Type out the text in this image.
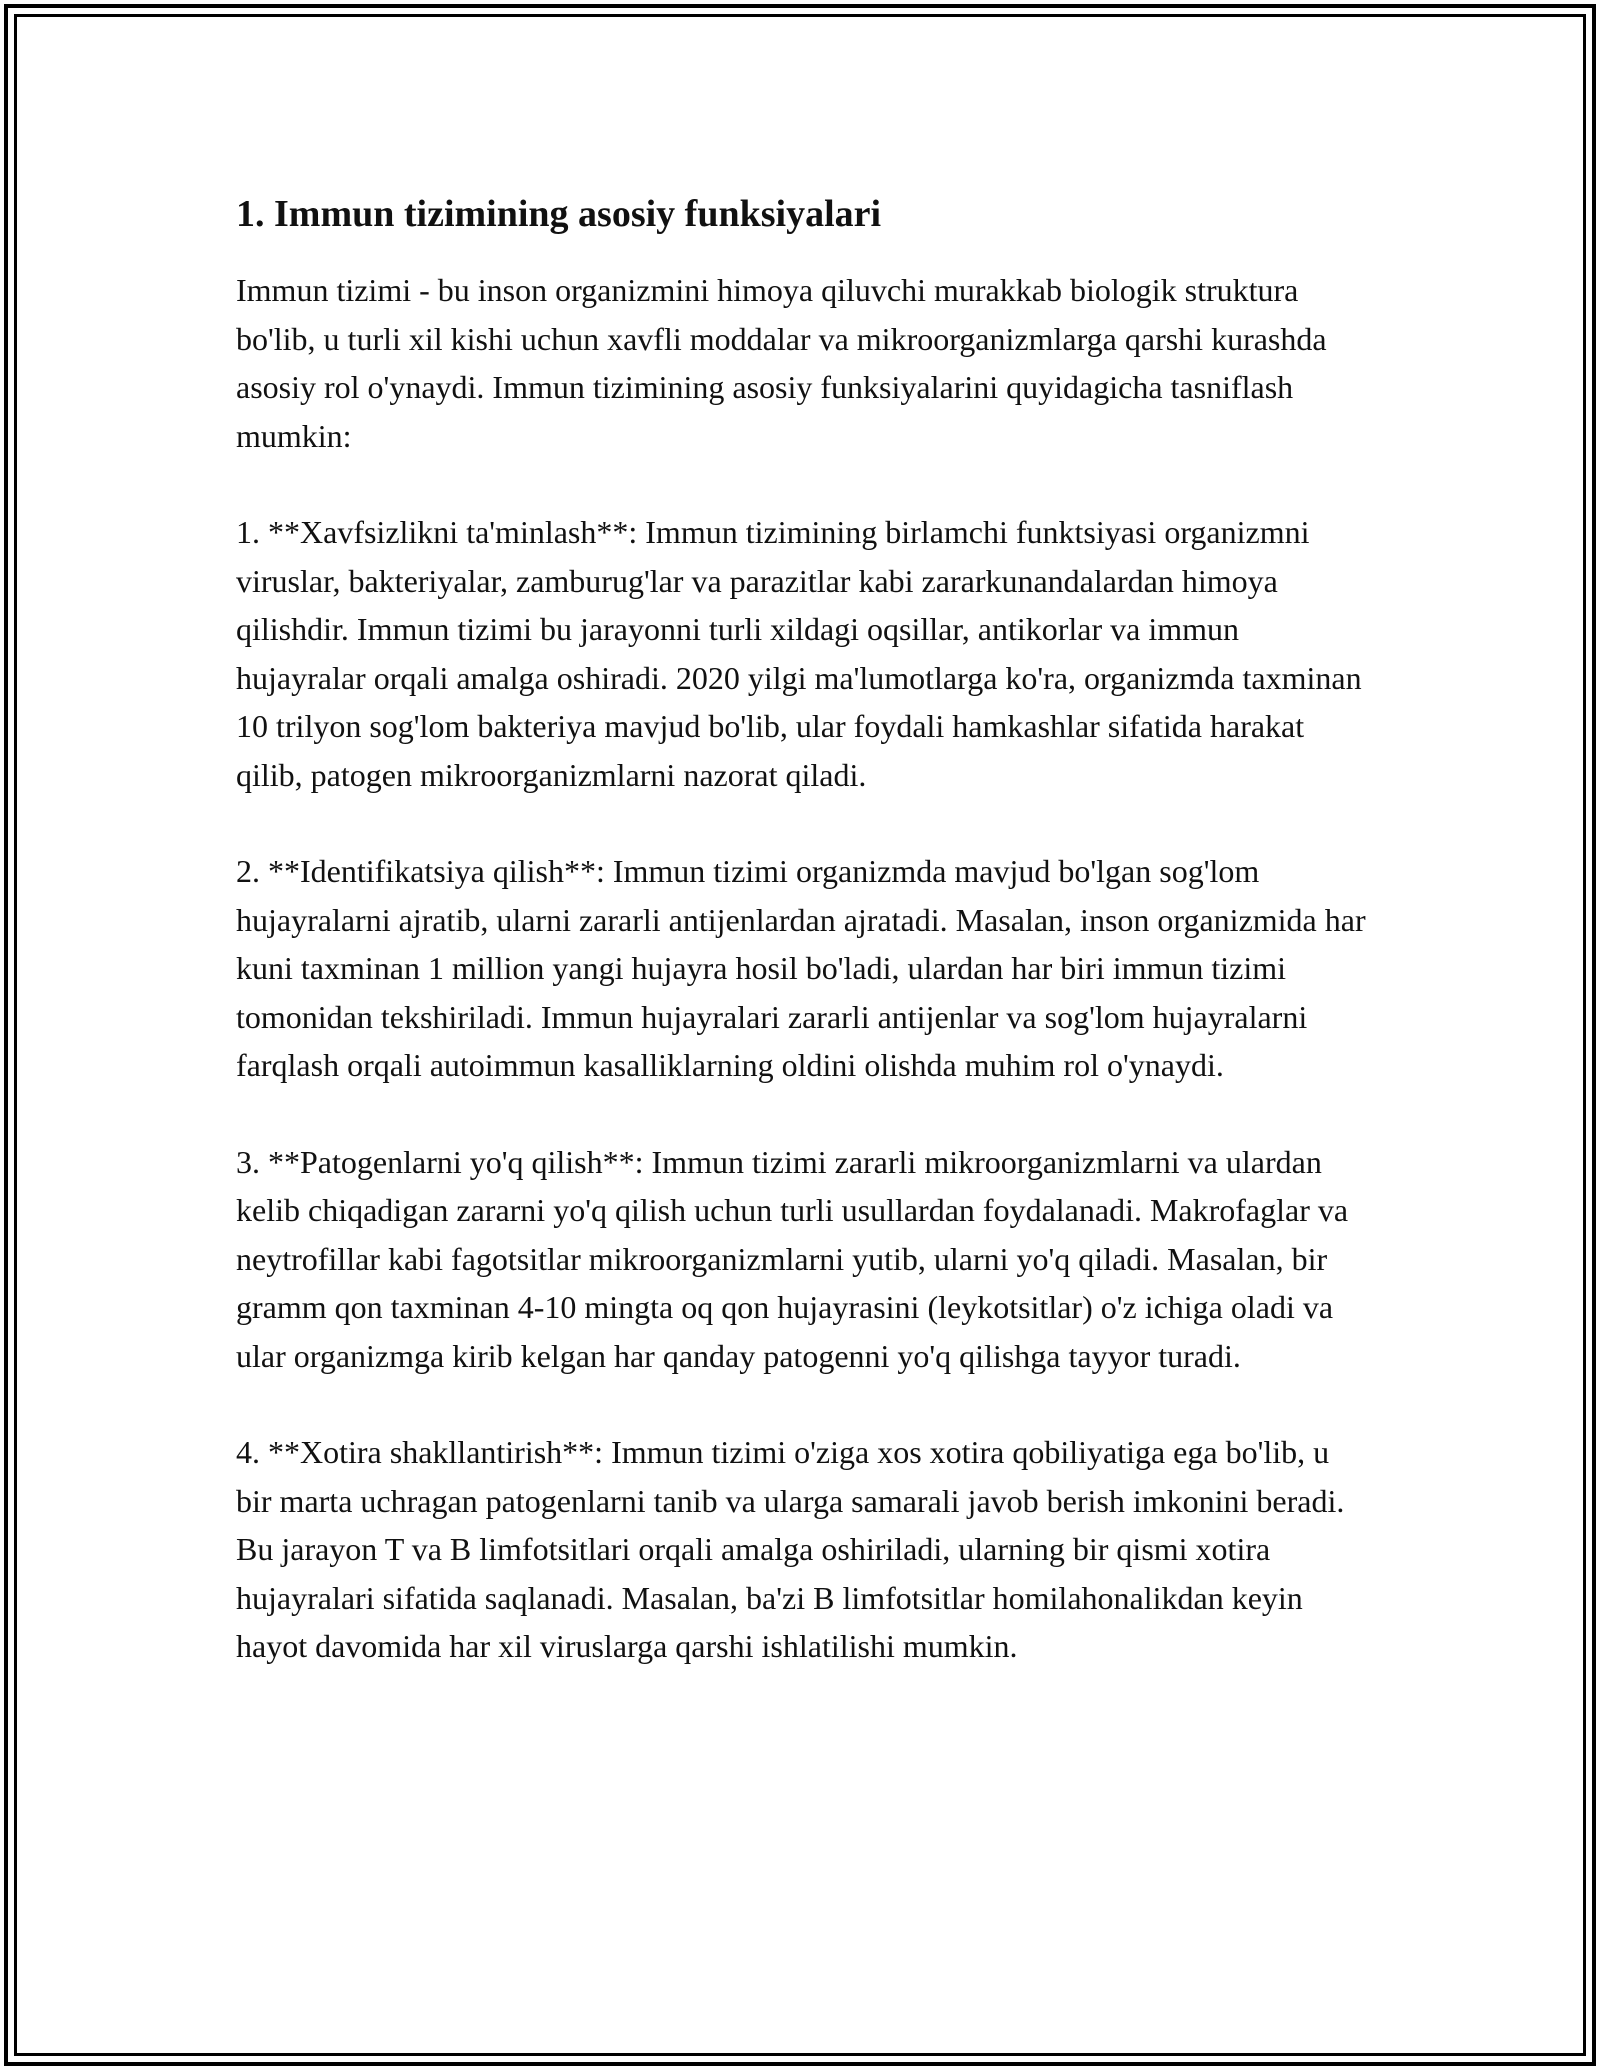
1. Immun tizimining asosiy funksiyalari

Immun tizimi - bu inson organizmini himoya qiluvchi murakkab biologik struktura bo'lib, u turli xil kishi uchun xavfli moddalar va mikroorganizmlarga qarshi kurashda asosiy rol o'ynaydi. Immun tizimining asosiy funksiyalarini quyidagicha tasniflash mumkin:

1. **Xavfsizlikni ta'minlash**: Immun tizimining birlamchi funktsiyasi organizmni viruslar, bakteriyalar, zamburug'lar va parazitlar kabi zararkunandalardan himoya qilishdir. Immun tizimi bu jarayonni turli xildagi oqsillar, antikorlar va immun hujayralar orqali amalga oshiradi. 2020 yilgi ma'lumotlarga ko'ra, organizmda taxminan 10 trilyon sog'lom bakteriya mavjud bo'lib, ular foydali hamkashlar sifatida harakat qilib, patogen mikroorganizmlarni nazorat qiladi.

2. **Identifikatsiya qilish**: Immun tizimi organizmda mavjud bo'lgan sog'lom hujayralarni ajratib, ularni zararli antijenlardan ajratadi. Masalan, inson organizmida har kuni taxminan 1 million yangi hujayra hosil bo'ladi, ulardan har biri immun tizimi tomonidan tekshiriladi. Immun hujayralari zararli antijenlar va sog'lom hujayralarni farqlash orqali autoimmun kasalliklarning oldini olishda muhim rol o'ynaydi.

3. **Patogenlarni yo'q qilish**: Immun tizimi zararli mikroorganizmlarni va ulardan kelib chiqadigan zararni yo'q qilish uchun turli usullardan foydalanadi. Makrofaglar va neytrofillar kabi fagotsitlar mikroorganizmlarni yutib, ularni yo'q qiladi. Masalan, bir gramm qon taxminan 4-10 mingta oq qon hujayrasini (leykotsitlar) o'z ichiga oladi va ular organizmga kirib kelgan har qanday patogenni yo'q qilishga tayyor turadi.

4. **Xotira shakllantirish**: Immun tizimi o'ziga xos xotira qobiliyatiga ega bo'lib, u bir marta uchragan patogenlarni tanib va ularga samarali javob berish imkonini beradi. Bu jarayon T va B limfotsitlari orqali amalga oshiriladi, ularning bir qismi xotira hujayralari sifatida saqlanadi. Masalan, ba'zi B limfotsitlar homilahonalikdan keyin hayot davomida har xil viruslarga qarshi ishlatilishi mumkin.
